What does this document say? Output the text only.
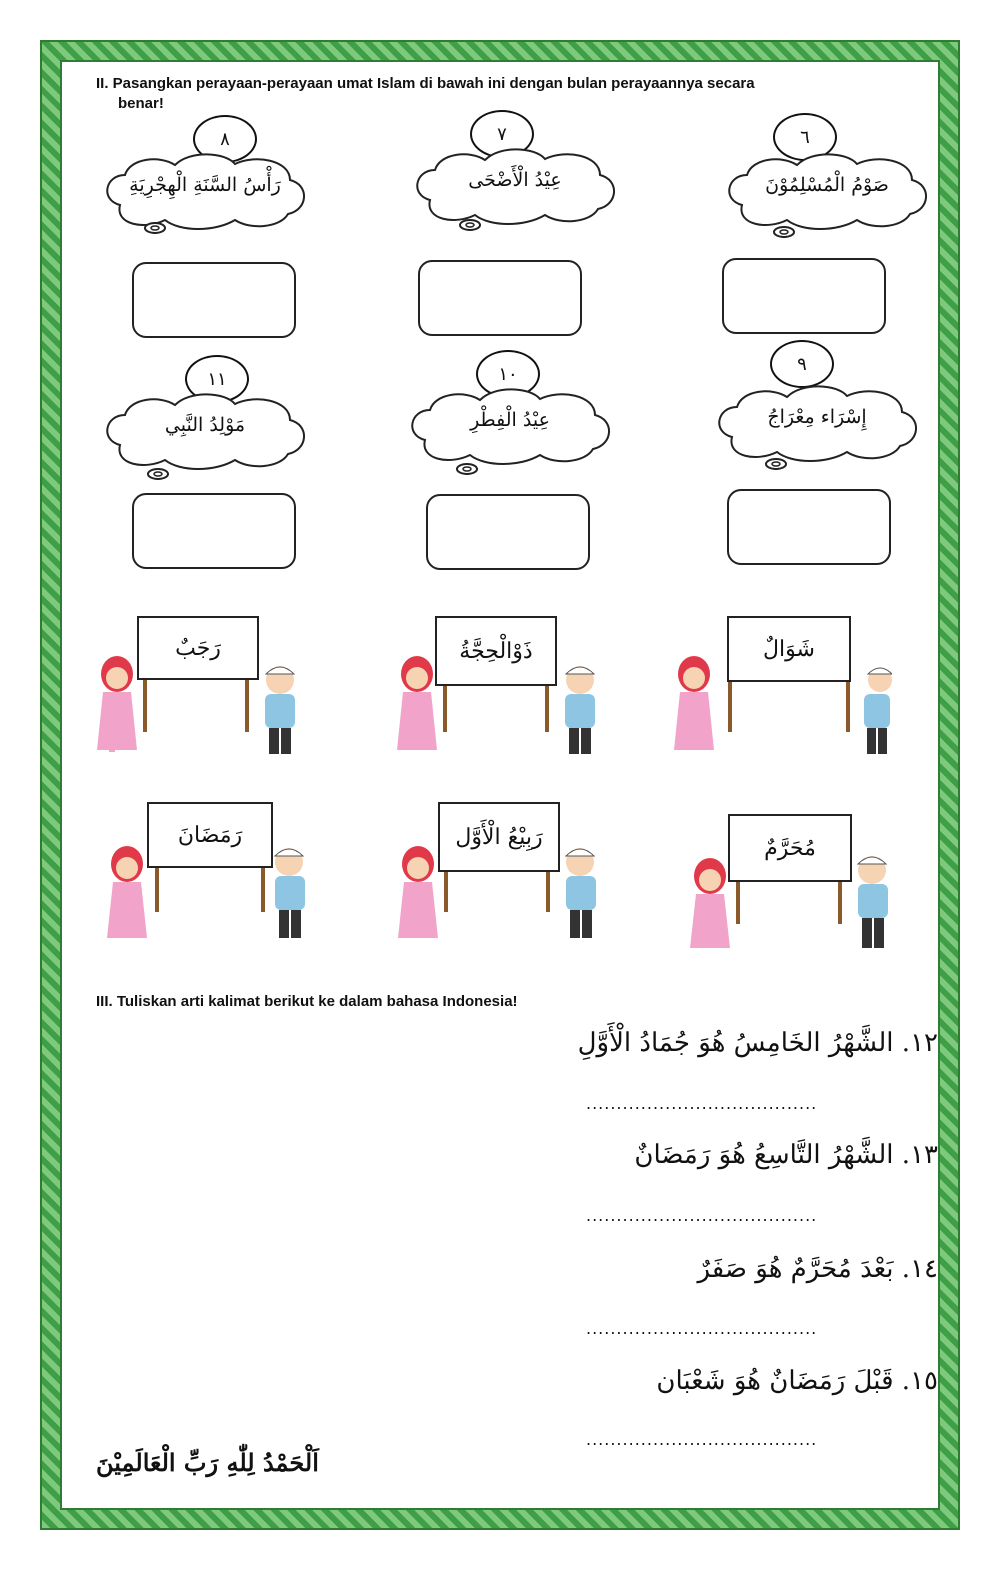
II. Pasangkan perayaan-perayaan umat Islam di bawah ini dengan bulan perayaannya secara
benar!
٨
رَأْسُ السَّنَةِ الْهِجْرِيَةِ
٧
عِيْدُ الْأَضْحَى
٦
صَوْمُ الْمُسْلِمُوْنَ
١١
مَوْلِدُ النَّبِي
١٠
عِيْدُ الْفِطْرِ
٩
إِسْرَاء مِعْرَاجُ
رَجَبٌ	ذَوْالْحِجَّةُ	شَوَالٌ
رَمَضَانَ	رَبِيْعُ الْأَوَّل	مُحَرَّمٌ
III. Tuliskan arti kalimat berikut ke dalam bahasa Indonesia!
١٢. الشَّهْرُ الخَامِسُ هُوَ جُمَادُ الْأَوَّلِ
......................................
١٣. الشَّهْرُ التَّاسِعُ هُوَ رَمَضَانٌ
......................................
١٤. بَعْدَ مُحَرَّمٌ هُوَ صَفَرٌ
......................................
١٥. قَبْلَ رَمَضَانٌ هُوَ شَعْبَان
......................................
اَلْحَمْدُ لِلّٰهِ رَبِّ الْعَالَمِيْنَ
